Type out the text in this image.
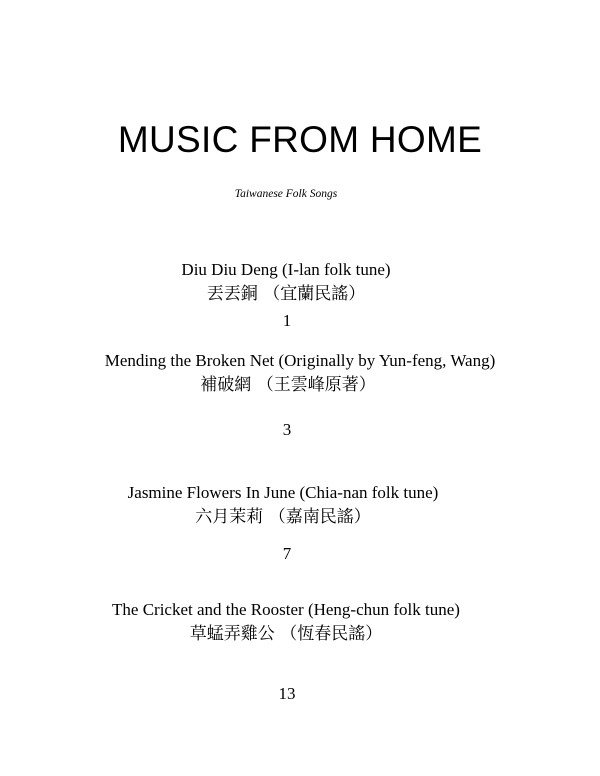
MUSIC FROM HOME
Taiwanese Folk Songs
Diu Diu Deng (I-lan folk tune)
丟丟銅 （宜蘭民謠）
1
Mending the Broken Net (Originally by Yun-feng, Wang)
補破網 （王雲峰原著）
3
Jasmine Flowers In June (Chia-nan folk tune)
六月茉莉 （嘉南民謠）
7
The Cricket and the Rooster (Heng-chun folk tune)
草蜢弄雞公 （恆春民謠）
13
